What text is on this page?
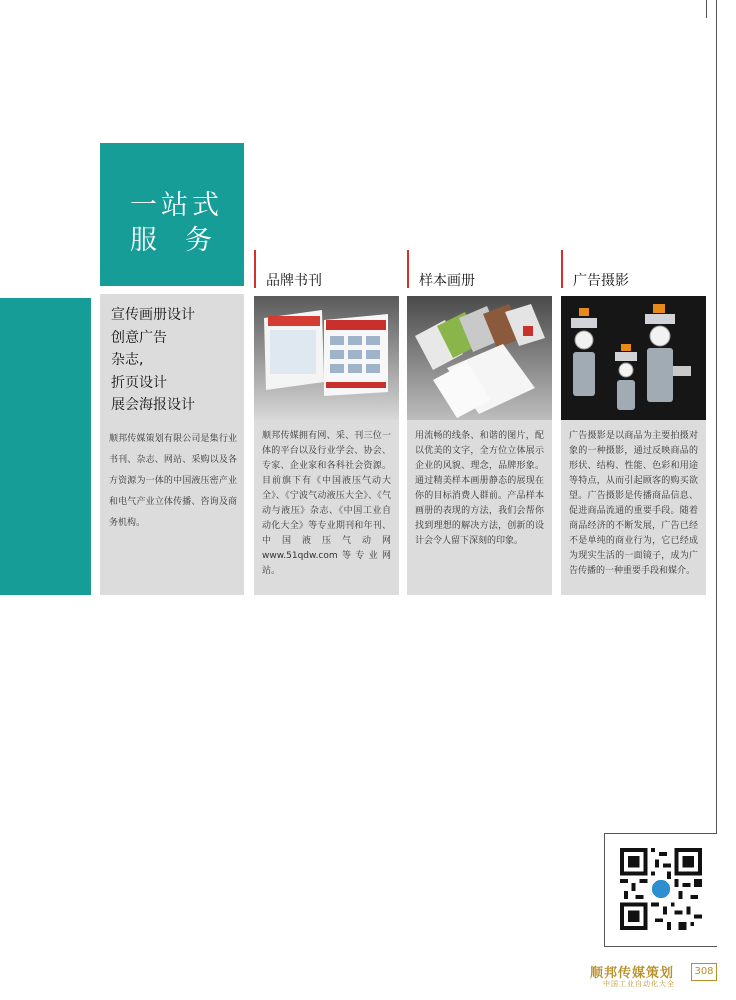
一站式
服务
宣传画册设计
创意广告
杂志,
折页设计
展会海报设计
顺邦传媒策划有限公司是集行业书刊、杂志、网站、采购以及各方资源为一体的中国液压密产业和电气产业立体传播、咨询及商务机构。
品牌书刊	样本画册	广告摄影
顺邦传媒拥有网、采、刊三位一体的平台以及行业学会、协会、专家、企业家和各科社会资源。目前旗下有《中国液压气动大全》、《宁波气动液压大全》、《气动与液压》杂志、《中国工业自动化大全》等专业期刊和年刊、中国液压气动网www.51qdw.com等专业网站。
用流畅的线条、和谐的图片，配以优美的文字，全方位立体展示企业的风貌、理念，品牌形象。通过精美样本画册静态的展现在你的目标消费人群前。产品样本画册的表现的方法，我们会帮你找到理想的解决方法，创新的设计会令人留下深刻的印象。
广告摄影是以商品为主要拍摄对象的一种摄影，通过反映商品的形状、结构、性能、色彩和用途等特点，从而引起顾客的购买欲望。广告摄影是传播商品信息、促进商品流通的重要手段。随着商品经济的不断发展，广告已经不是单纯的商业行为，它已经成为现实生活的一面镜子，成为广告传播的一种重要手段和媒介。
顺邦传媒策划
中国工业自动化大全
308
